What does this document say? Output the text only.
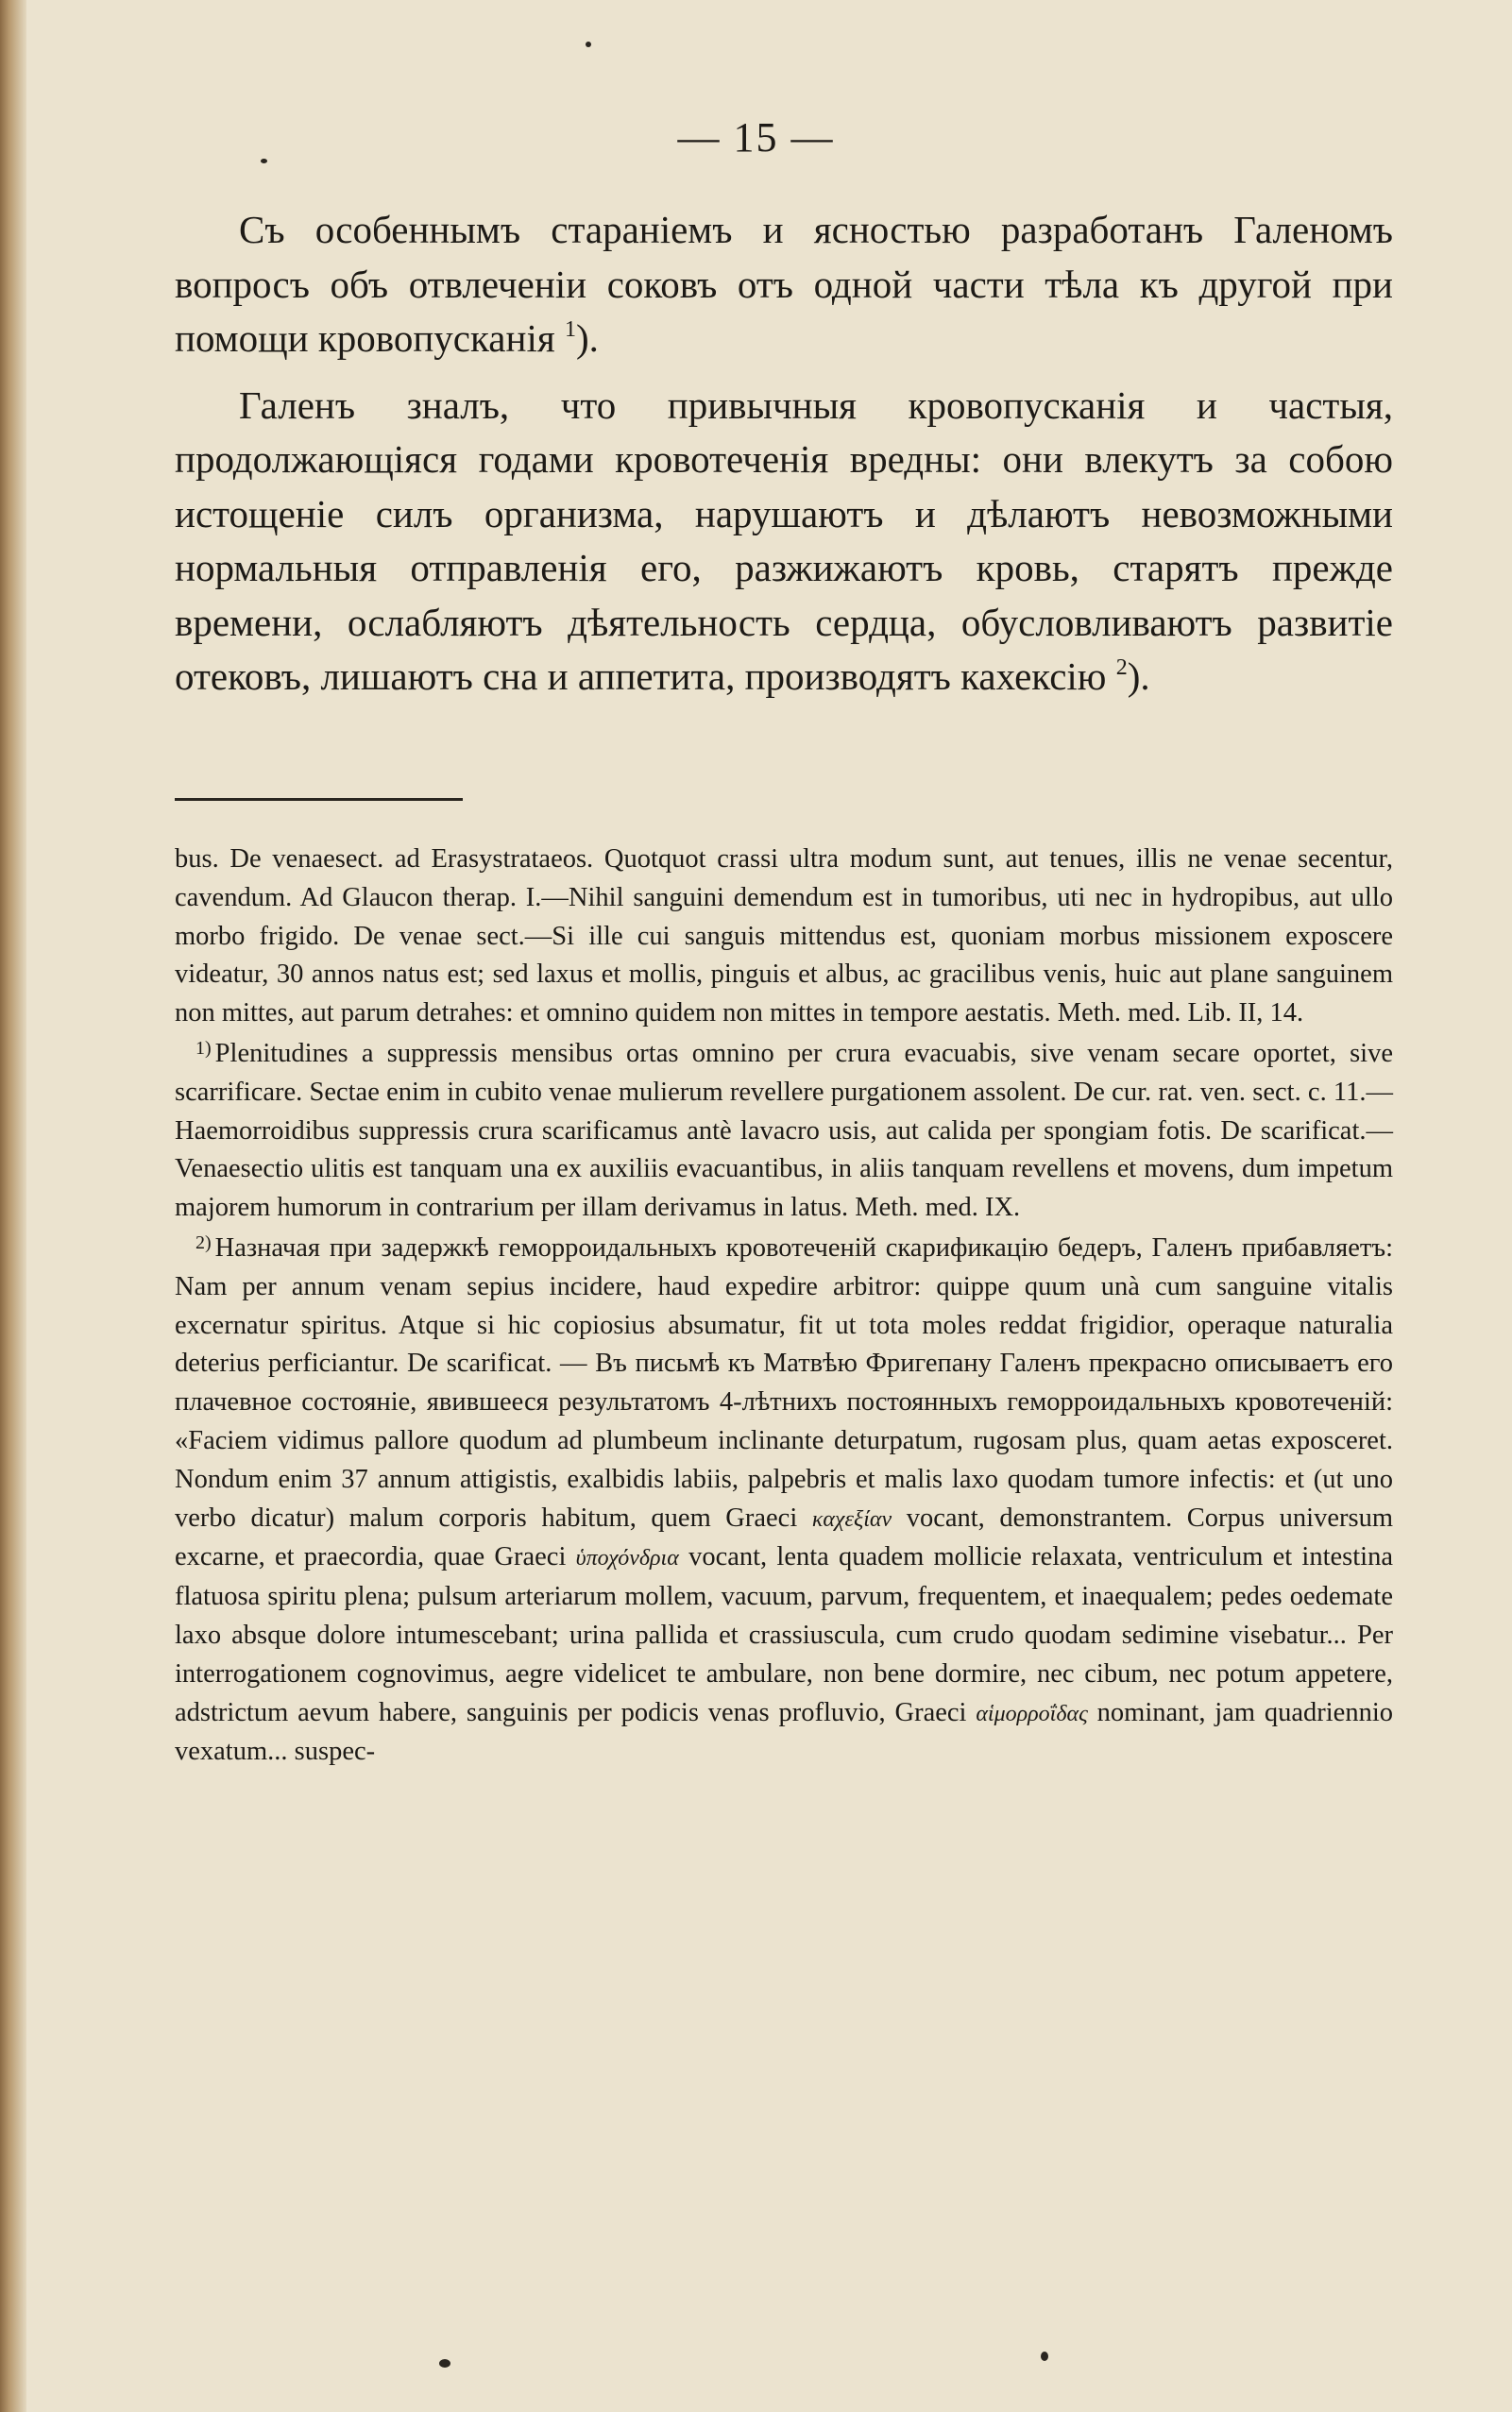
— 15 —

Съ особеннымъ стараніемъ и ясностью разработанъ Галеномъ вопросъ объ отвлеченіи соковъ отъ одной части тѣла къ другой при помощи кровопусканія $^1$).

Галенъ зналъ, что привычныя кровопусканія и частыя, продолжающіяся годами кровотеченія вредны: они влекутъ за собою истощеніе силъ организма, нарушаютъ и дѣлаютъ невозможными нормальныя отправленія его, разжижаютъ кровь, старятъ прежде времени, ослабляютъ дѣятельность сердца, обусловливаютъ развитіе отековъ, лишаютъ сна и аппетита, производятъ кахексію $^2$).

bus. De venaesect. ad Erasystrataeos. Quotquot crassi ultra modum sunt, aut tenues, illis ne venae secentur, cavendum. Ad Glaucon therap. I.—Nihil sanguini demendum est in tumoribus, uti nec in hydropibus, aut ullo morbo frigido. De venae sect.—Si ille cui sanguis mittendus est, quoniam morbus missionem exposcere videatur, 30 annos natus est; sed laxus et mollis, pinguis et albus, ac gracilibus venis, huic aut plane sanguinem non mittes, aut parum detrahes: et omnino quidem non mittes in tempore aestatis. Meth. med. Lib. II, 14.

$^{1)}$ Plenitudines a suppressis mensibus ortas omnino per crura evacuabis, sive venam secare oportet, sive scarrificare. Sectae enim in cubito venae mulierum revellere purgationem assolent. De cur. rat. ven. sect. c. 11.—Haemorroidibus suppressis crura scarificamus antè lavacro usis, aut calida per spongiam fotis. De scarificat.—Venaesectio ulitis est tanquam una ex auxiliis evacuantibus, in aliis tanquam revellens et movens, dum impetum majorem humorum in contrarium per illam derivamus in latus. Meth. med. IX.

$^{2)}$ Назначая при задержкѣ геморроидальныхъ кровотеченій скарификацію бедеръ, Галенъ прибавляетъ: Nam per annum venam sepius incidere, haud expedire arbitror: quippe quum unà cum sanguine vitalis excernatur spiritus. Atque si hic copiosius absumatur, fit ut tota moles reddat frigidior, operaque naturalia deterius perficiantur. De scarificat. — Въ письмѣ къ Матвѣю Фригепану Галенъ прекрасно описываетъ его плачевное состояніе, явившееся результатомъ 4-лѣтнихъ постоянныхъ геморроидальныхъ кровотеченій: «Faciem vidimus pallore quodum ad plumbeum inclinante deturpatum, rugosam plus, quam aetas exposceret. Nondum enim 37 annum attigistis, exalbidis labiis, palpebris et malis laxo quodam tumore infectis: et (ut uno verbo dicatur) malum corporis habitum, quem Graeci καχεξίαν vocant, demonstrantem. Corpus universum excarne, et praecordia, quae Graeci ὑποχόνδρια vocant, lenta quadem mollicie relaxata, ventriculum et intestina flatuosa spiritu plena; pulsum arteriarum mollem, vacuum, parvum, frequentem, et inaequalem; pedes oedemate laxo absque dolore intumescebant; urina pallida et crassiuscula, cum crudo quodam sedimine visebatur... Per interrogationem cognovimus, aegre videlicet te ambulare, non bene dormire, nec cibum, nec potum appetere, adstrictum aevum habere, sanguinis per podicis venas profluvio, Graeci αἱμορροΐδας nominant, jam quadriennio vexatum... suspec-
